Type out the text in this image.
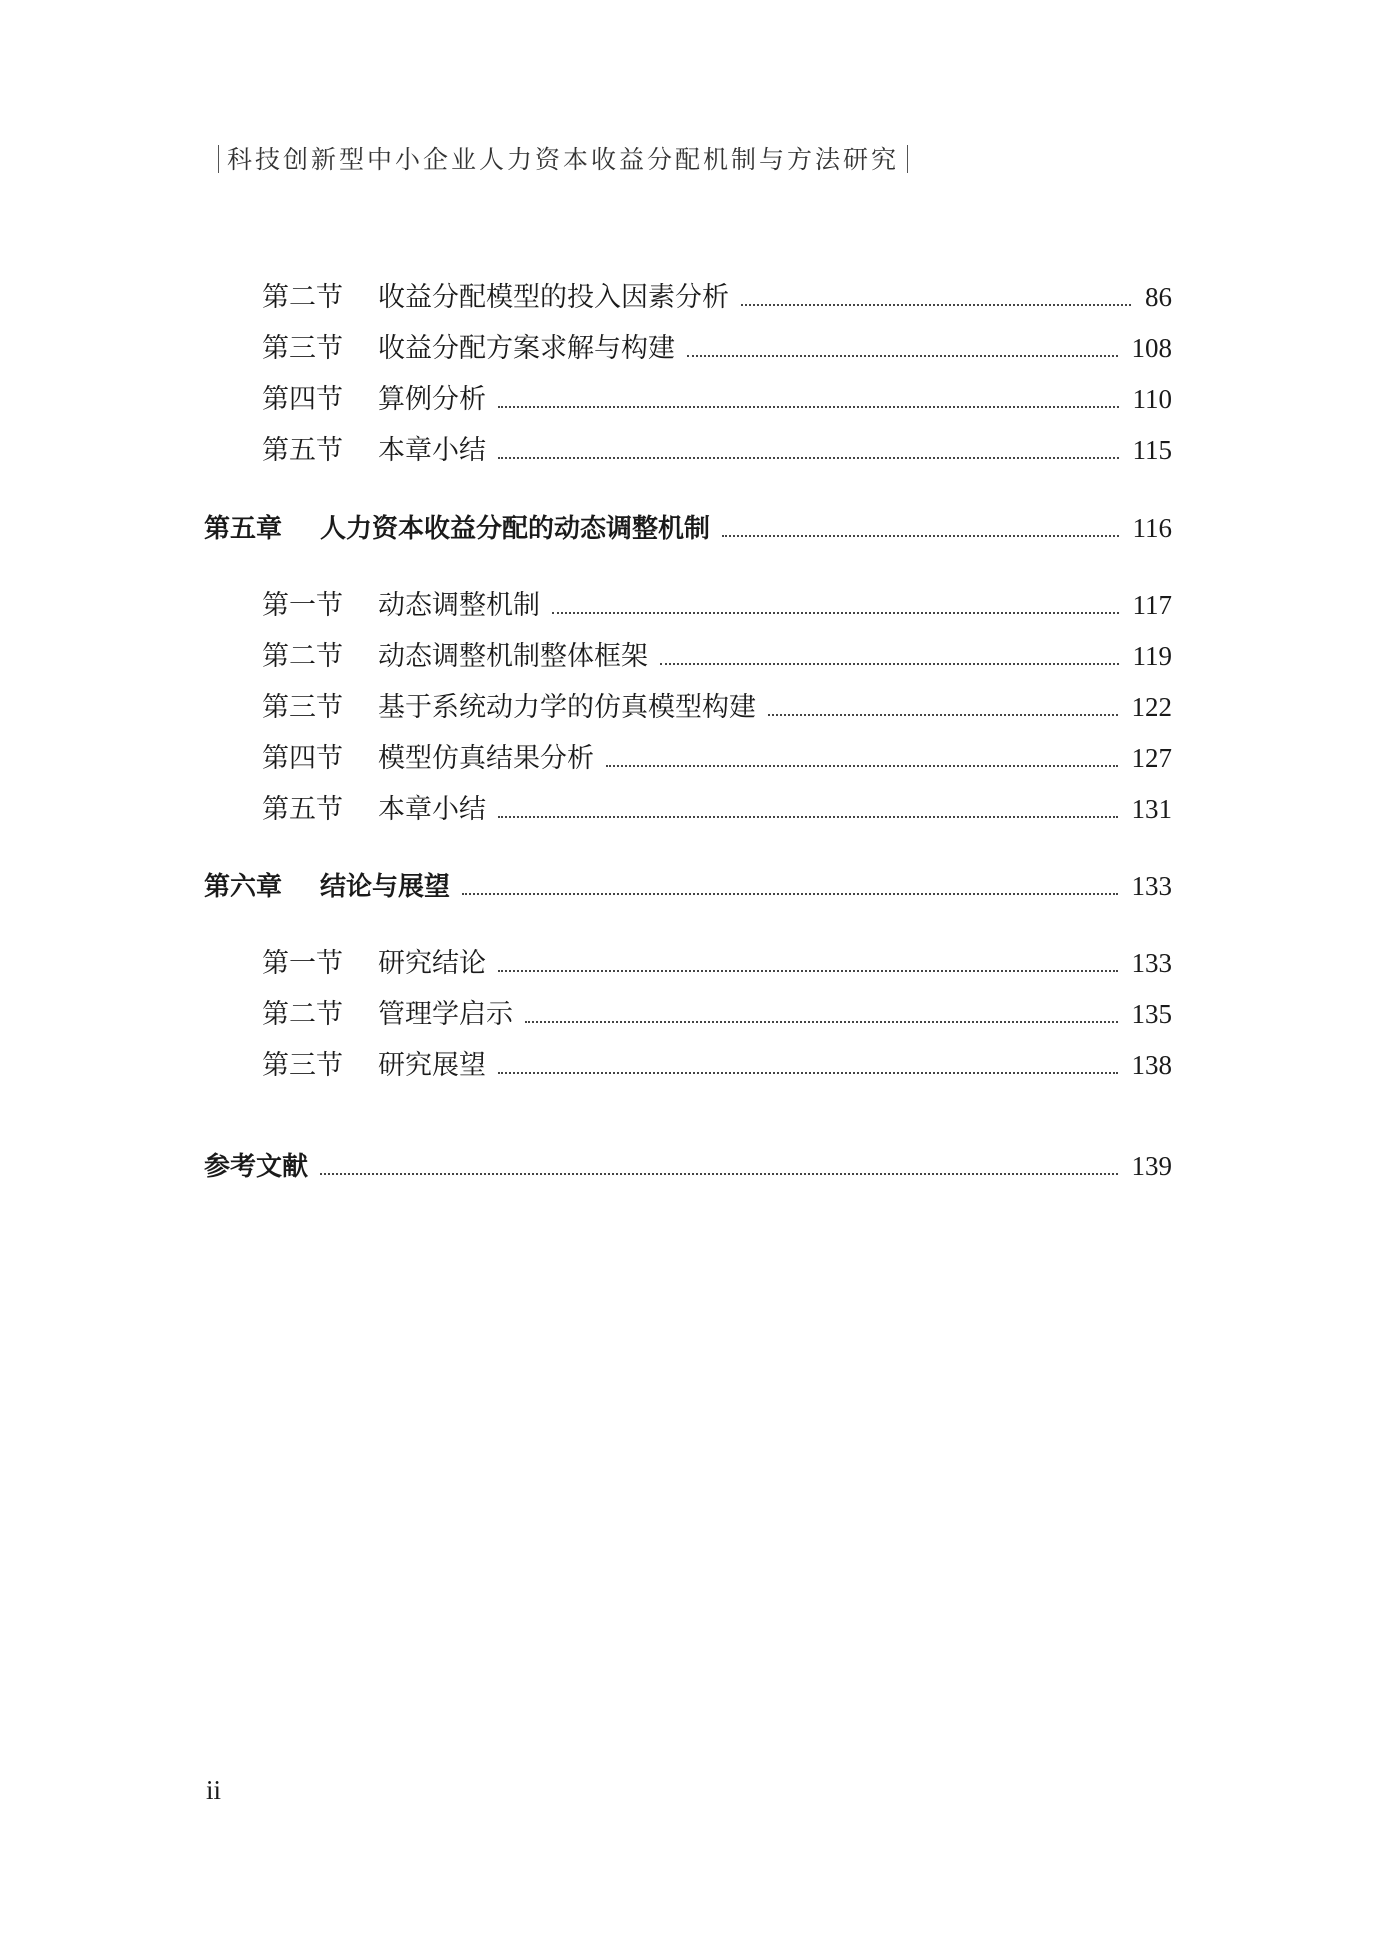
科技创新型中小企业人力资本收益分配机制与方法研究
第二节	收益分配模型的投入因素分析	86
第三节	收益分配方案求解与构建	108
第四节	算例分析	110
第五节	本章小结	115
第五章	人力资本收益分配的动态调整机制	116
第一节	动态调整机制	117
第二节	动态调整机制整体框架	119
第三节	基于系统动力学的仿真模型构建	122
第四节	模型仿真结果分析	127
第五节	本章小结	131
第六章	结论与展望	133
第一节	研究结论	133
第二节	管理学启示	135
第三节	研究展望	138
参考文献	139
ii
